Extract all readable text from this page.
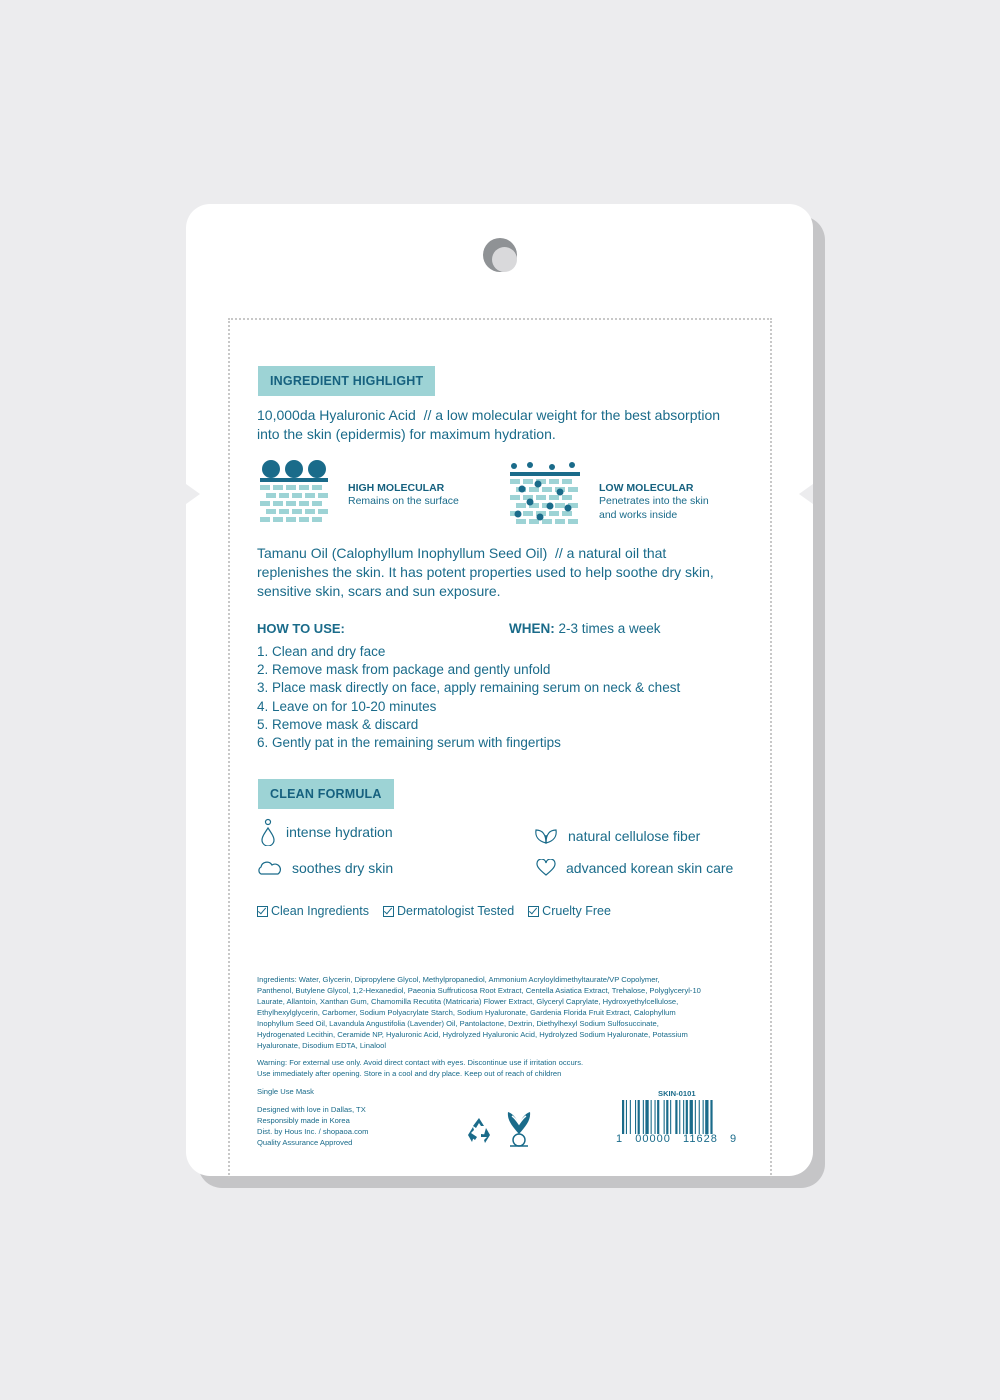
INGREDIENT HIGHLIGHT
10,000da Hyaluronic Acid // a low molecular weight for the best absorption
into the skin (epidermis) for maximum hydration.
HIGH MOLECULAR
Remains on the surface
LOW MOLECULAR
Penetrates into the skin
and works inside
Tamanu Oil (Calophyllum Inophyllum Seed Oil) // a natural oil that
replenishes the skin. It has potent properties used to help soothe dry skin,
sensitive skin, scars and sun exposure.
HOW TO USE:	WHEN: 2-3 times a week
1. Clean and dry face
2. Remove mask from package and gently unfold
3. Place mask directly on face, apply remaining serum on neck & chest
4. Leave on for 10-20 minutes
5. Remove mask & discard
6. Gently pat in the remaining serum with fingertips
CLEAN FORMULA
intense hydration	natural cellulose fiber
soothes dry skin	advanced korean skin care
Clean Ingredients Dermatologist Tested Cruelty Free
Ingredients: Water, Glycerin, Dipropylene Glycol, Methylpropanediol, Ammonium Acryloyldimethyltaurate/VP Copolymer,
Panthenol, Butylene Glycol, 1,2-Hexanediol, Paeonia Suffruticosa Root Extract, Centella Asiatica Extract, Trehalose, Polyglyceryl-10
Laurate, Allantoin, Xanthan Gum, Chamomilla Recutita (Matricaria) Flower Extract, Glyceryl Caprylate, Hydroxyethylcellulose,
Ethylhexylglycerin, Carbomer, Sodium Polyacrylate Starch, Sodium Hyaluronate, Gardenia Florida Fruit Extract, Calophyllum
Inophyllum Seed Oil, Lavandula Angustifolia (Lavender) Oil, Pantolactone, Dextrin, Diethylhexyl Sodium Sulfosuccinate,
Hydrogenated Lecithin, Ceramide NP, Hyaluronic Acid, Hydrolyzed Hyaluronic Acid, Hydrolyzed Sodium Hyaluronate, Potassium
Hyaluronate, Disodium EDTA, Linalool
Warning: For external use only. Avoid direct contact with eyes. Discontinue use if irritation occurs.
Use immediately after opening. Store in a cool and dry place. Keep out of reach of children
Single Use Mask
Designed with love in Dallas, TX
Responsibly made in Korea
Dist. by Hous Inc. / shopaoa.com
Quality Assurance Approved
SKIN-0101
1   00000   11628   9
